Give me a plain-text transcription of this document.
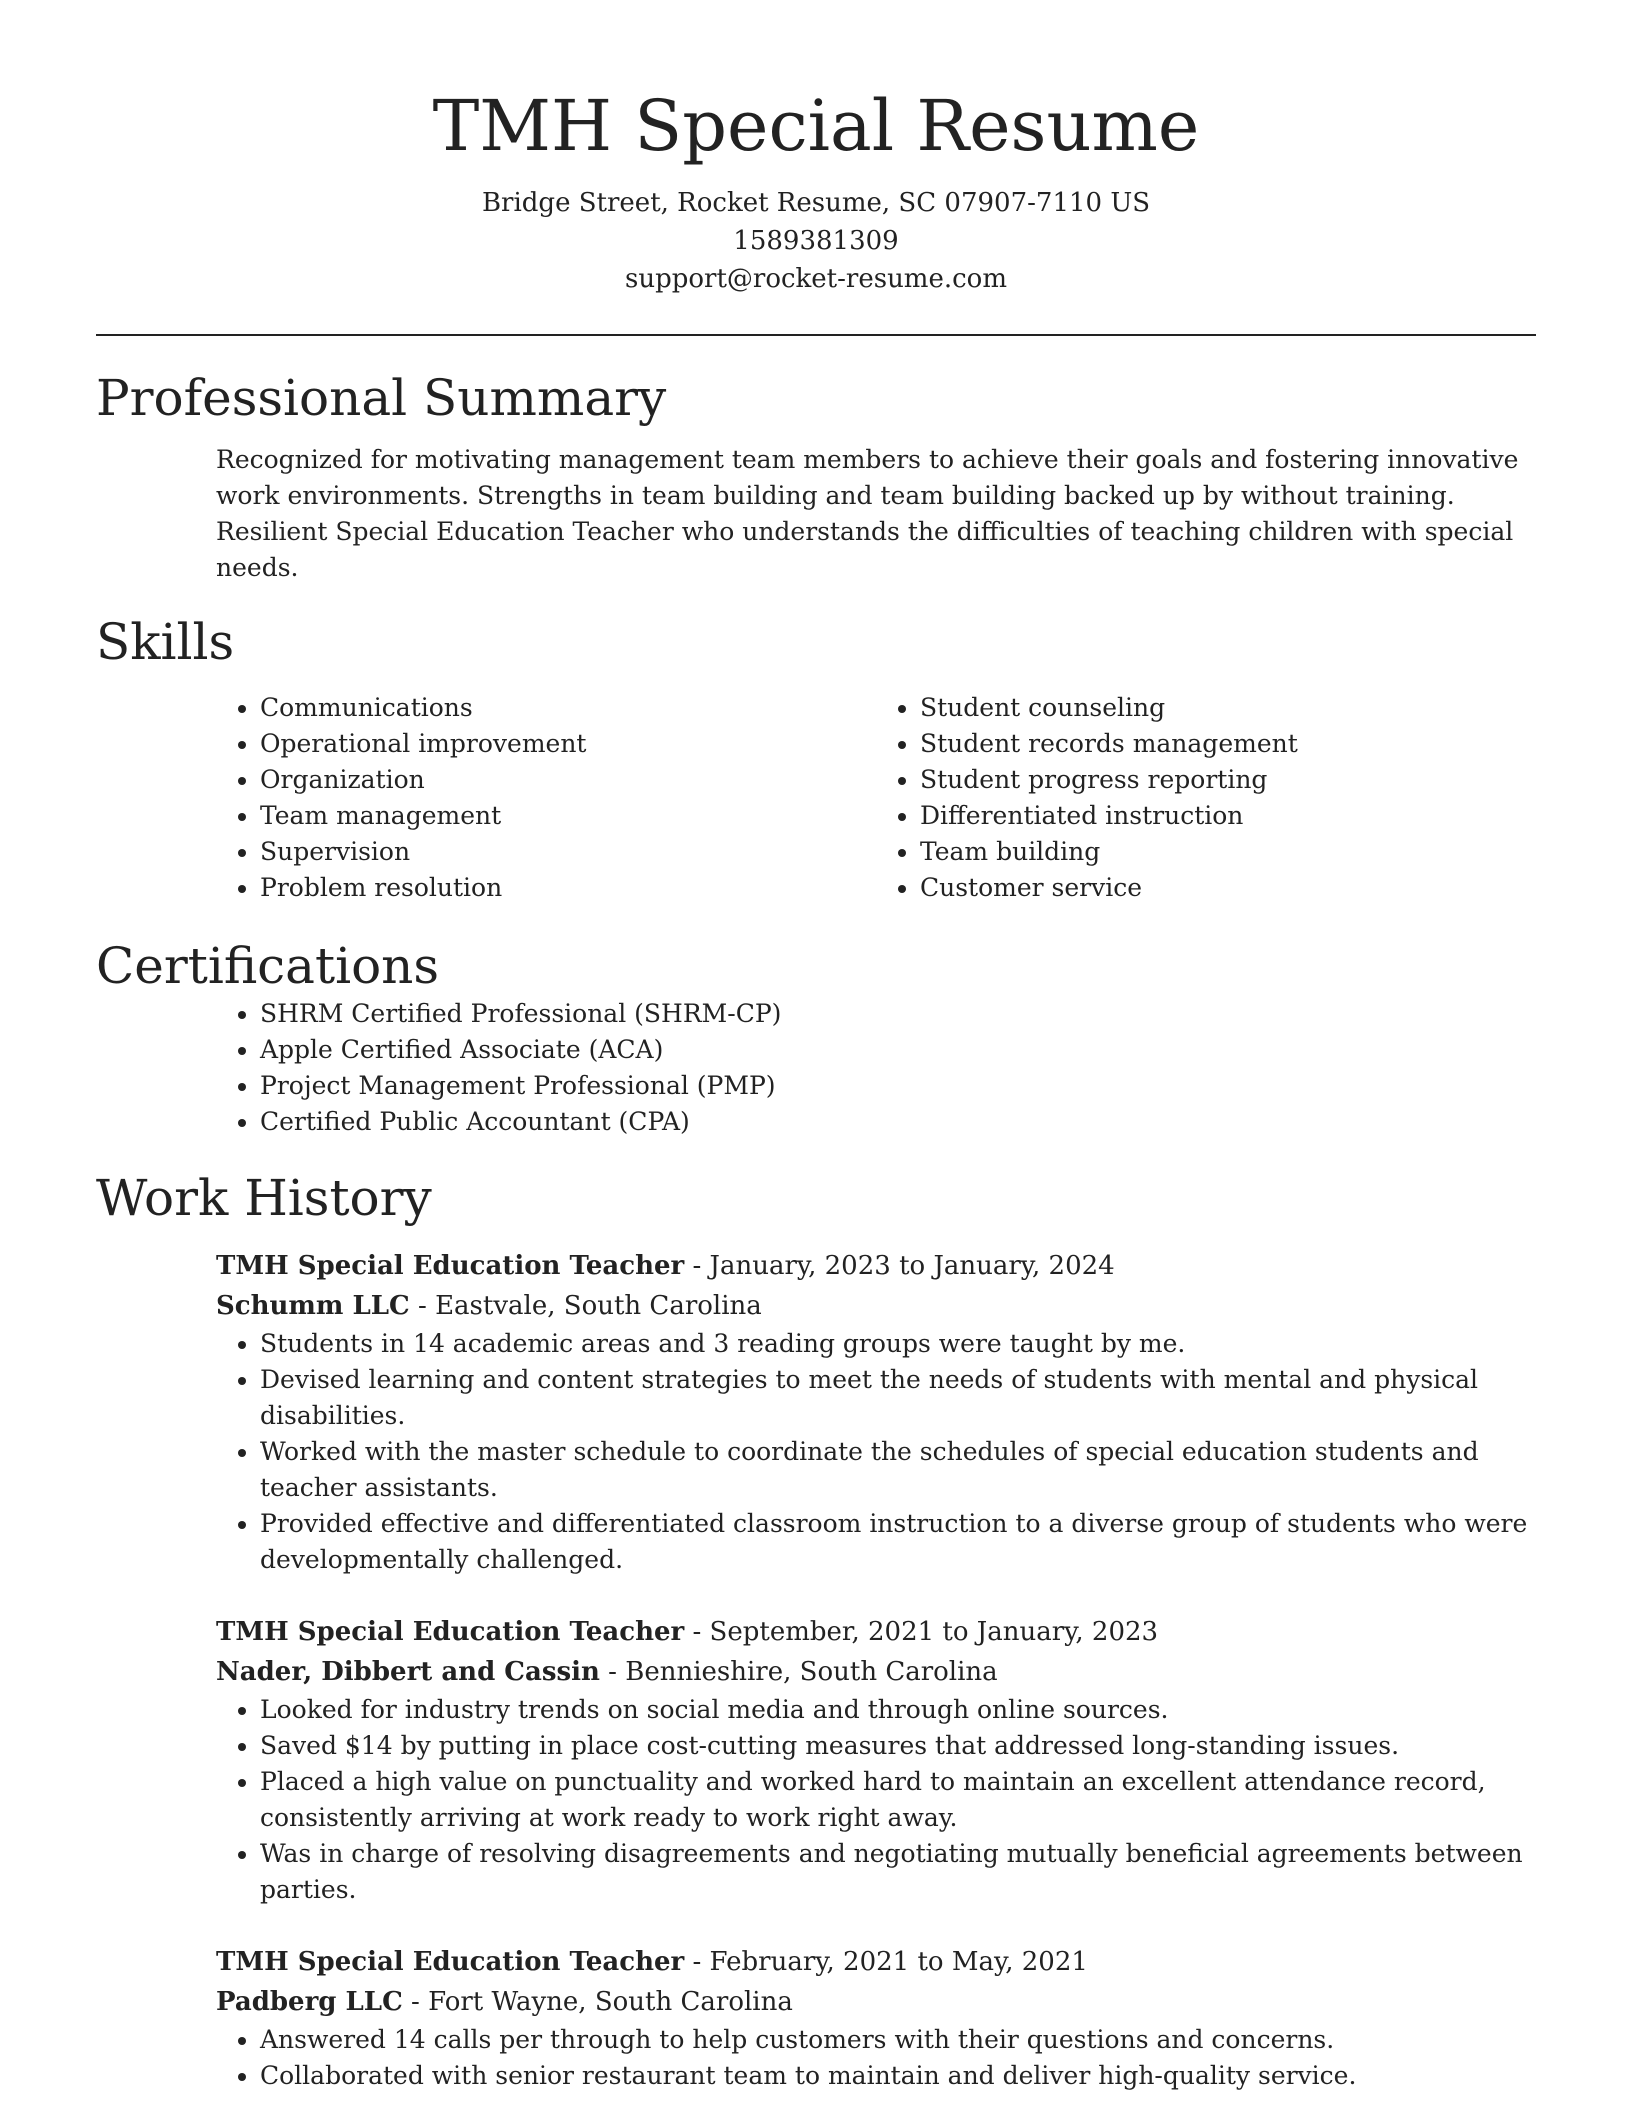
TMH Special Resume
Bridge Street, Rocket Resume, SC 07907-7110 US
1589381309
support@rocket-resume.com
Professional Summary

Recognized for motivating management team members to achieve their goals and fostering innovative work environments. Strengths in team building and team building backed up by without training. Resilient Special Education Teacher who understands the difficulties of teaching children with special needs.

Skills
• Communications
• Operational improvement
• Organization
• Team management
• Supervision
• Problem resolution
• Student counseling
• Student records management
• Student progress reporting
• Differentiated instruction
• Team building
• Customer service
Certifications
• SHRM Certified Professional (SHRM-CP)
• Apple Certified Associate (ACA)
• Project Management Professional (PMP)
• Certified Public Accountant (CPA)
Work History
TMH Special Education Teacher - January, 2023 to January, 2024
Schumm LLC - Eastvale, South Carolina
• Students in 14 academic areas and 3 reading groups were taught by me.
• Devised learning and content strategies to meet the needs of students with mental and physical disabilities.
• Worked with the master schedule to coordinate the schedules of special education students and teacher assistants.
• Provided effective and differentiated classroom instruction to a diverse group of students who were developmentally challenged.
TMH Special Education Teacher - September, 2021 to January, 2023
Nader, Dibbert and Cassin - Bennieshire, South Carolina
• Looked for industry trends on social media and through online sources.
• Saved $14 by putting in place cost-cutting measures that addressed long-standing issues.
• Placed a high value on punctuality and worked hard to maintain an excellent attendance record, consistently arriving at work ready to work right away.
• Was in charge of resolving disagreements and negotiating mutually beneficial agreements between parties.
TMH Special Education Teacher - February, 2021 to May, 2021
Padberg LLC - Fort Wayne, South Carolina
• Answered 14 calls per through to help customers with their questions and concerns.
• Collaborated with senior restaurant team to maintain and deliver high-quality service.
